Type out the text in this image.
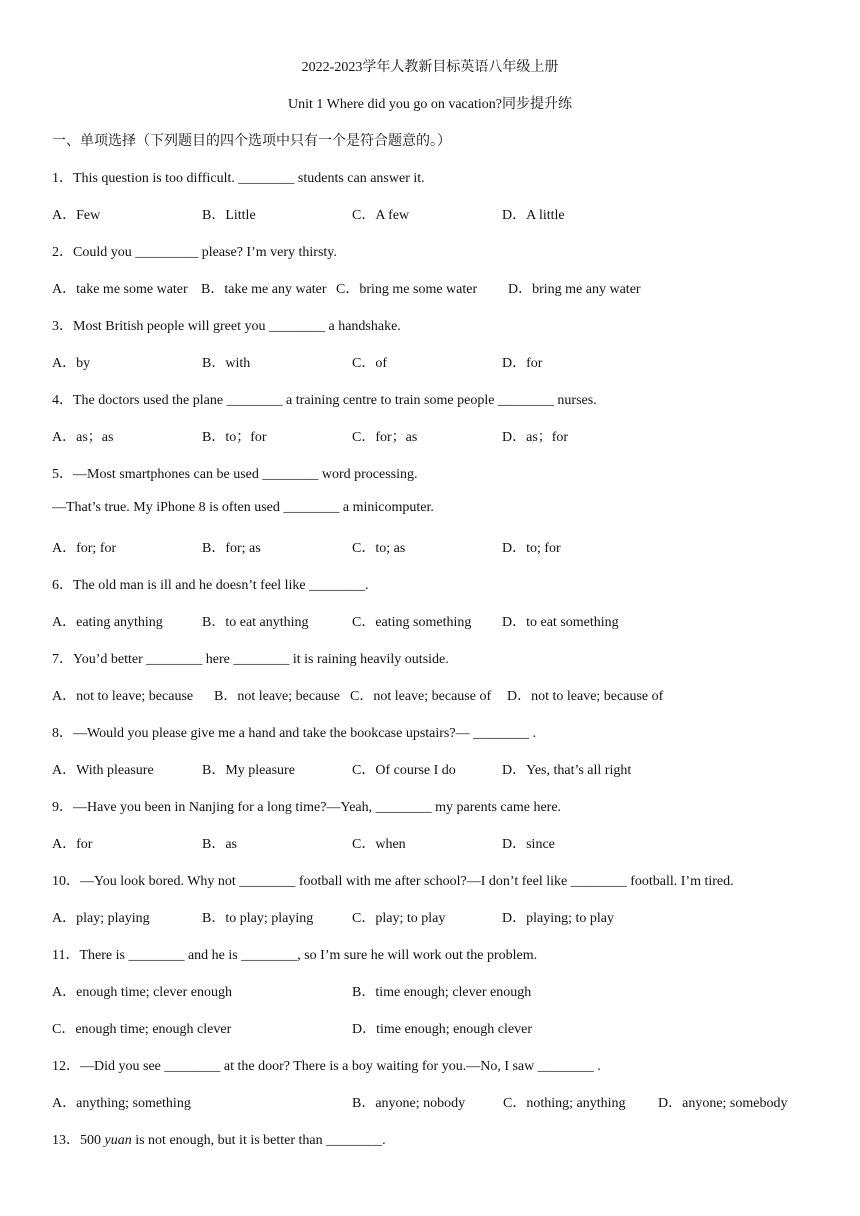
2022-2023学年人教新目标英语八年级上册
Unit 1 Where did you go on vacation?同步提升练
一、单项选择（下列题目的四个选项中只有一个是符合题意的。）
1．This question is too difficult. ________ students can answer it.
A．Few	B．Little	C．A few	D．A little
2．Could you _________ please? I’m very thirsty.
A．take me some water B．take me any water C．bring me some water D．bring me any water
3．Most British people will greet you ________ a handshake.
A．by	B．with	C．of	D．for
4．The doctors used the plane ________ a training centre to train some people ________ nurses.
A．as；as	B．to；for	C．for；as	D．as；for
5．—Most smartphones can be used ________ word processing.
—That’s true. My iPhone 8 is often used ________ a minicomputer.
A．for; for	B．for; as	C．to; as	D．to; for
6．The old man is ill and he doesn’t feel like ________.
A．eating anything	B．to eat anything	C．eating something D．to eat something
7．You’d better ________ here ________ it is raining heavily outside.
A．not to leave; because B．not leave; because C．not leave; because of D．not to leave; because of
8．—Would you please give me a hand and take the bookcase upstairs?— ________ .
A．With pleasure	B．My pleasure	C．Of course I do	D．Yes, that’s all right
9．—Have you been in Nanjing for a long time?—Yeah, ________ my parents came here.
A．for	B．as	C．when	D．since
10．—You look bored. Why not ________ football with me after school?—I don’t feel like ________ football. I’m tired.
A．play; playing	B．to play; playing	C．play; to play	D．playing; to play
11．There is ________ and he is ________, so I’m sure he will work out the problem.
A．enough time; clever enough	B．time enough; clever enough
C．enough time; enough clever	D．time enough; enough clever
12．—Did you see ________ at the door? There is a boy waiting for you.—No, I saw ________ .
A．anything; something	B．anyone; nobody	C．nothing; anything D．anyone; somebody
13．500 yuan is not enough, but it is better than ________.
